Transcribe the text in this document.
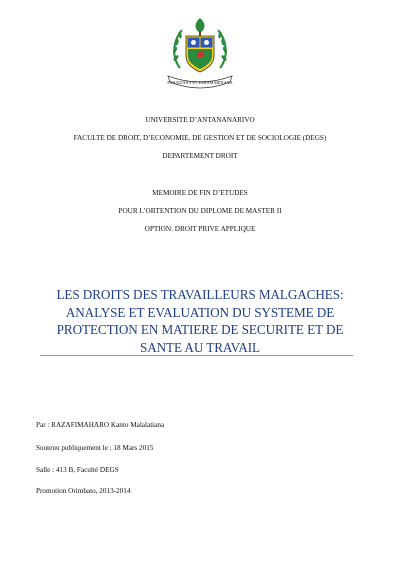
FAHAIZANA SY FAHAMARINANA
UNIVERSITE D’ANTANANARIVO
FACULTE DE DROIT, D’ECONOMIE, DE GESTION ET DE SOCIOLOGIE (DEGS)
DEPARTEMENT DROIT
MEMOIRE DE FIN D’ETUDES
POUR L’OBTENTION DU DIPLOME DE MASTER II
OPTION: DROIT PRIVE APPLIQUE
LES DROITS DES TRAVAILLEURS MALGACHES:
ANALYSE ET EVALUATION DU SYSTEME DE
PROTECTION EN MATIERE DE SECURITE ET DE
SANTE AU TRAVAIL
Par : RAZAFIMAHARO Kanto Malalatiana
Soutenu publiquement le : 18 Mars 2015
Salle : 413 B, Faculté DEGS
Promotion Orimbato, 2013-2014
